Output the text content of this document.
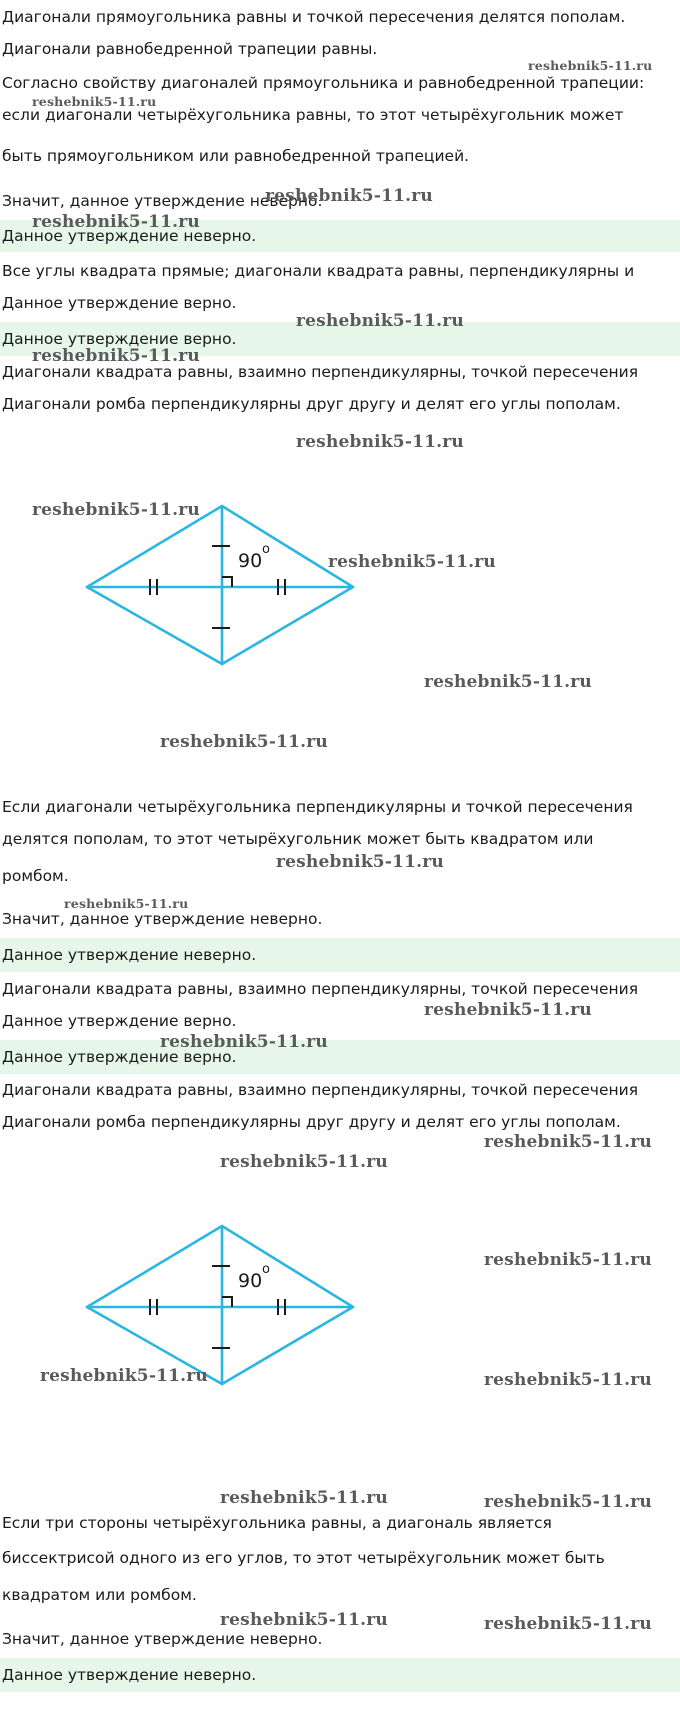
Диагонали прямоугольника равны и точкой пересечения делятся пополам.
Диагонали равнобедренной трапеции равны.
Согласно свойству диагоналей прямоугольника и равнобедренной трапеции:
если диагонали четырёхугольника равны, то этот четырёхугольник может
быть прямоугольником или равнобедренной трапецией.
Значит, данное утверждение неверно.
Данное утверждение неверно.
Все углы квадрата прямые; диагонали квадрата равны, перпендикулярны и
Данное утверждение верно.
Данное утверждение верно.
Диагонали квадрата равны, взаимно перпендикулярны, точкой пересечения
Диагонали ромба перпендикулярны друг другу и делят его углы пополам.
90
o
Если диагонали четырёхугольника перпендикулярны и точкой пересечения
делятся пополам, то этот четырёхугольник может быть квадратом или
ромбом.
Значит, данное утверждение неверно.
Данное утверждение неверно.
Диагонали квадрата равны, взаимно перпендикулярны, точкой пересечения
Данное утверждение верно.
Данное утверждение верно.
Диагонали квадрата равны, взаимно перпендикулярны, точкой пересечения
Диагонали ромба перпендикулярны друг другу и делят его углы пополам.
90
o
Если три стороны четырёхугольника равны, а диагональ является
биссектрисой одного из его углов, то этот четырёхугольник может быть
квадратом или ромбом.
Значит, данное утверждение неверно.
Данное утверждение неверно.
reshebnik5-11.ru
reshebnik5-11.ru
reshebnik5-11.ru
reshebnik5-11.ru
reshebnik5-11.ru
reshebnik5-11.ru
reshebnik5-11.ru
reshebnik5-11.ru
reshebnik5-11.ru
reshebnik5-11.ru
reshebnik5-11.ru
reshebnik5-11.ru
reshebnik5-11.ru
reshebnik5-11.ru
reshebnik5-11.ru
reshebnik5-11.ru
reshebnik5-11.ru
reshebnik5-11.ru
reshebnik5-11.ru	reshebnik5-11.ru
reshebnik5-11.ru	reshebnik5-11.ru
reshebnik5-11.ru	reshebnik5-11.ru
